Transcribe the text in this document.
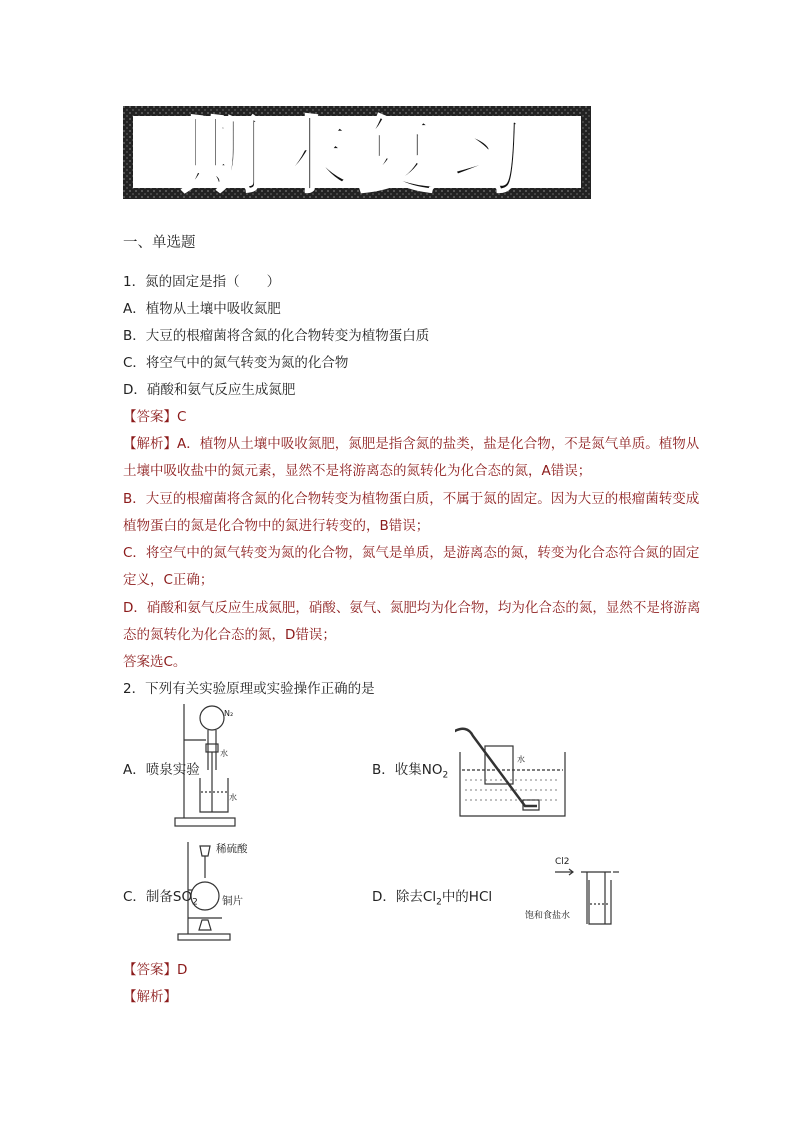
期末复习
一、单选题
1．氮的固定是指（　　）
A．植物从土壤中吸收氮肥
B．大豆的根瘤菌将含氮的化合物转变为植物蛋白质
C．将空气中的氮气转变为氮的化合物
D．硝酸和氨气反应生成氮肥
【答案】C
【解析】A．植物从土壤中吸收氮肥，氮肥是指含氮的盐类，盐是化合物，不是氮气单质。植物从
土壤中吸收盐中的氮元素，显然不是将游离态的氮转化为化合态的氮，A错误；
B．大豆的根瘤菌将含氮的化合物转变为植物蛋白质，不属于氮的固定。因为大豆的根瘤菌转变成
植物蛋白的氮是化合物中的氮进行转变的，B错误；
C．将空气中的氮气转变为氮的化合物，氮气是单质，是游离态的氮，转变为化合态符合氮的固定
定义，C正确；
D．硝酸和氨气反应生成氮肥，硝酸、氨气、氮肥均为化合物，均为化合态的氮，显然不是将游离
态的氮转化为化合态的氮，D错误；
答案选C。
2．下列有关实验原理或实验操作正确的是
A．喷泉实验
N₂
水
水
B．收集$NO_2$
水
C．制备$SO_2$
稀硫酸
铜片	D．除去$Cl_2$中的HCl
Cl2
饱和食盐水
【答案】D
【解析】
